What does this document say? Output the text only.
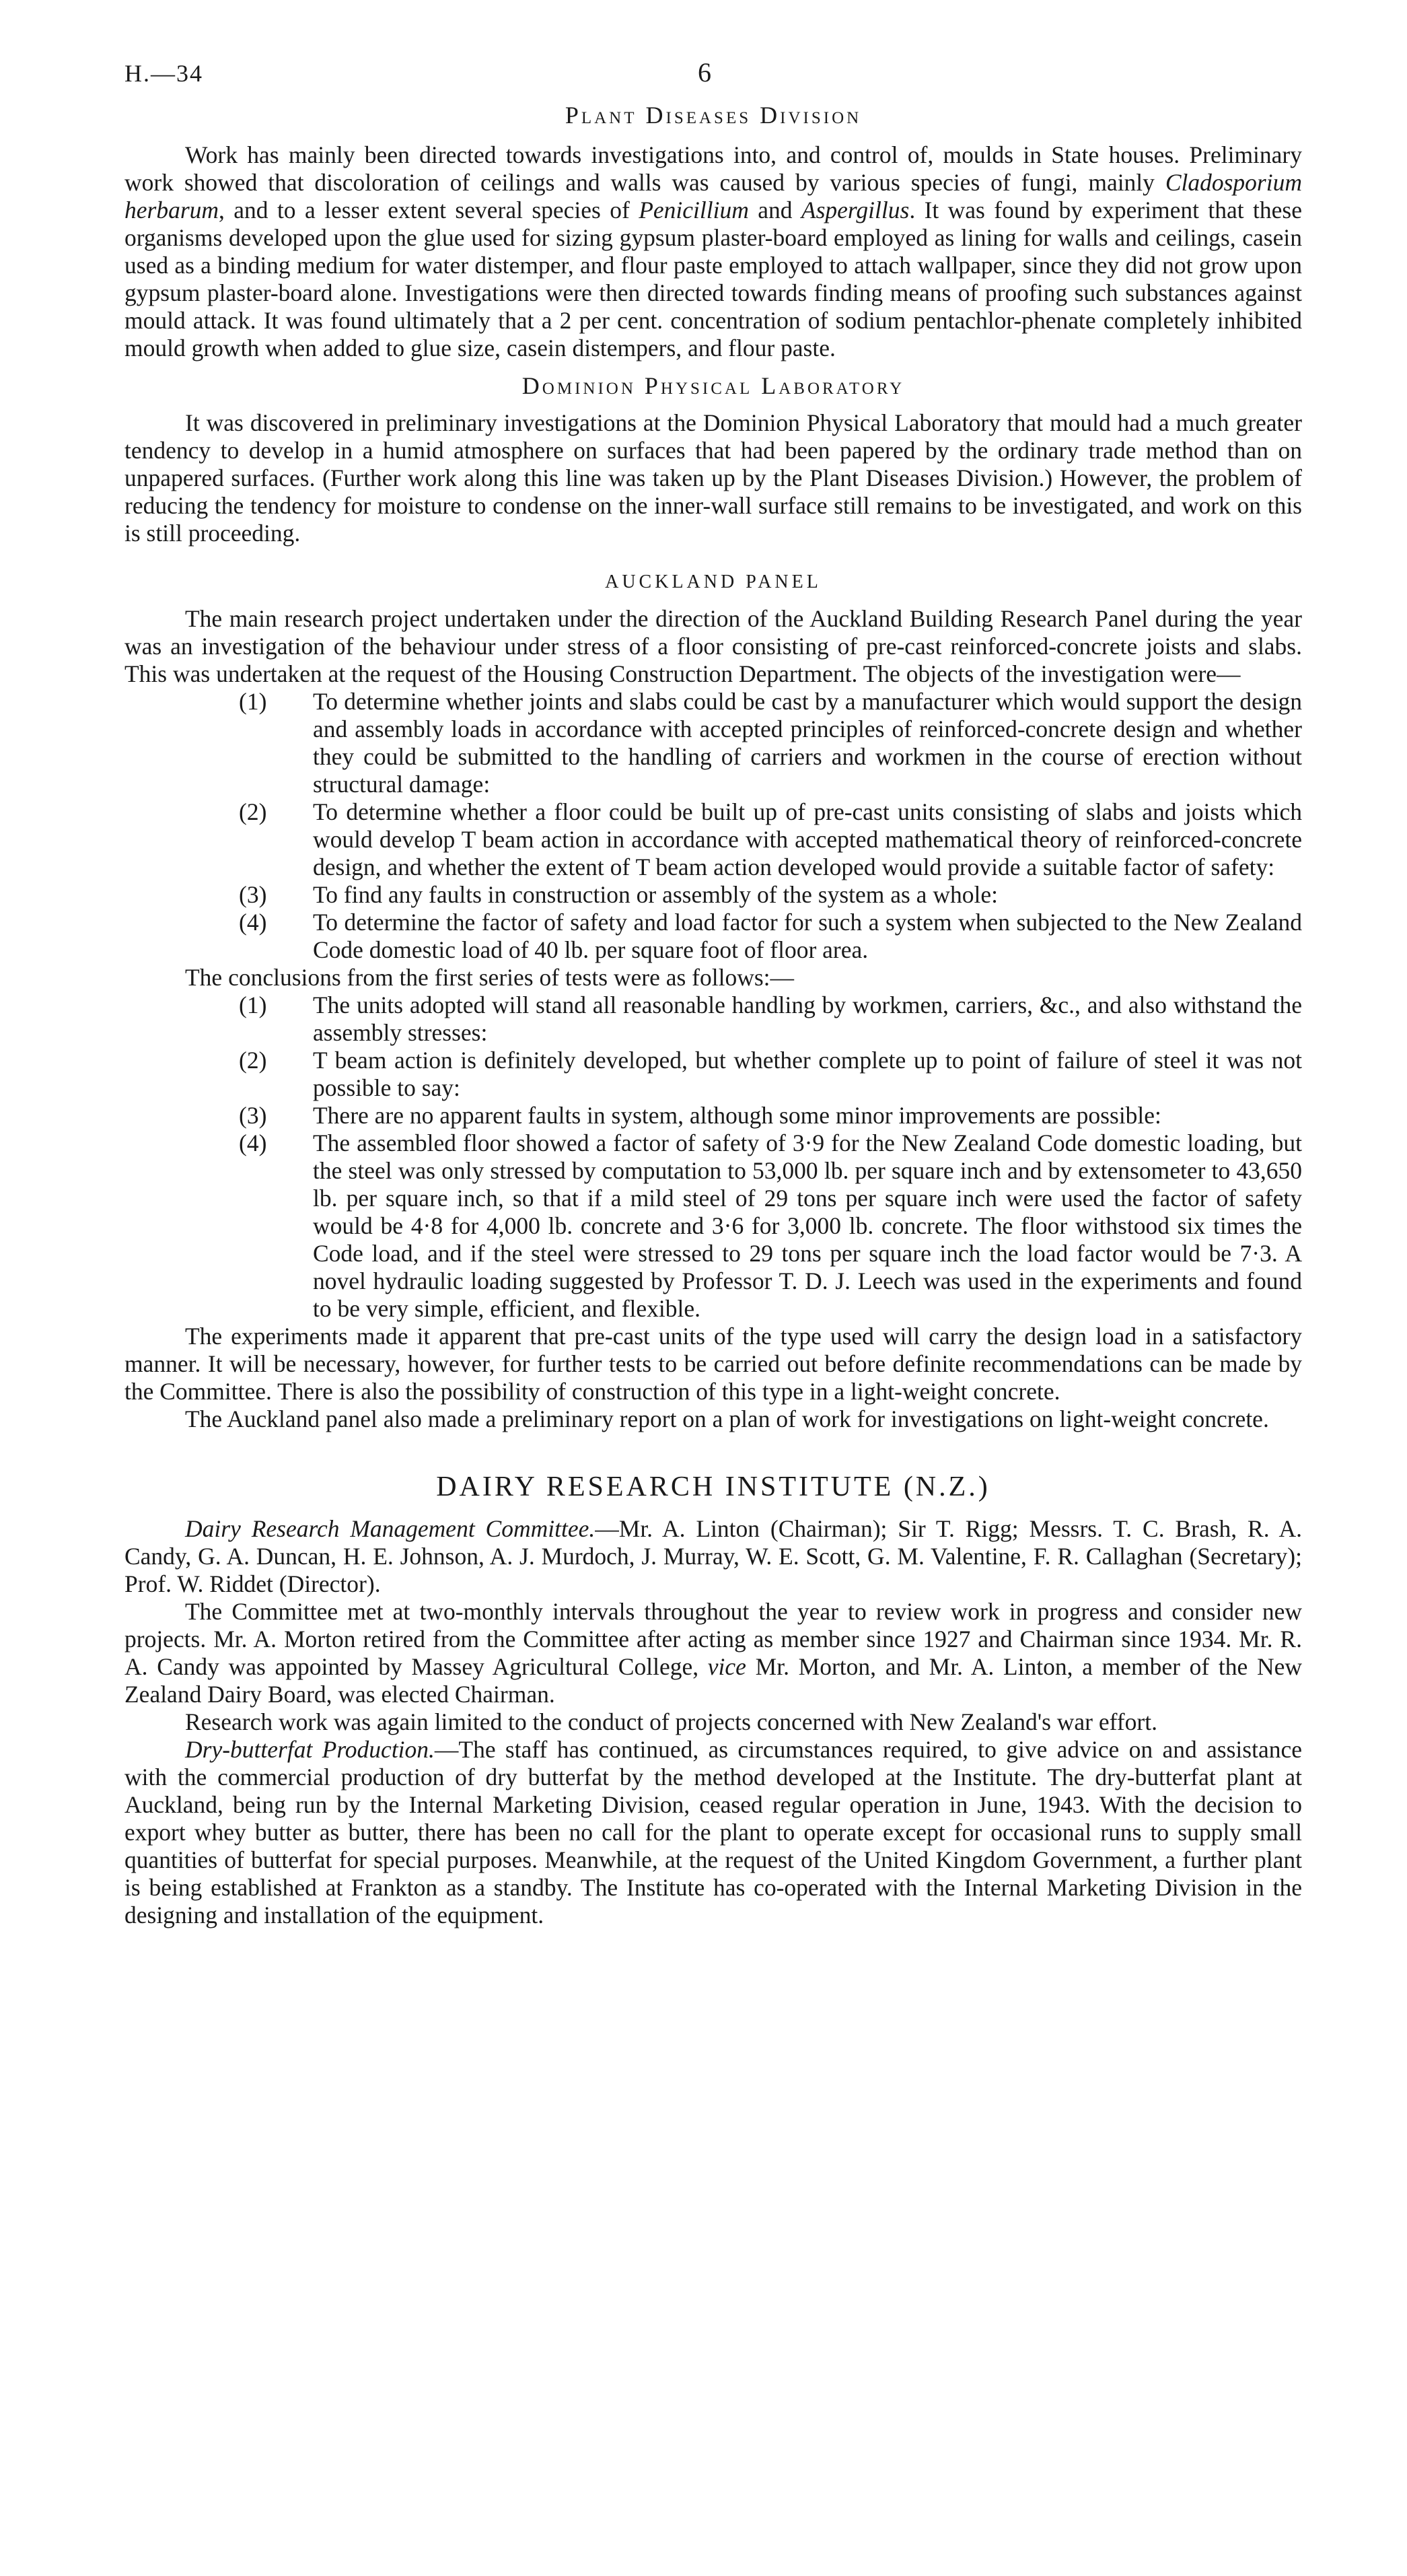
H.—34	6
Plant Diseases Division

Work has mainly been directed towards investigations into, and control of, moulds in State houses. Preliminary work showed that discoloration of ceilings and walls was caused by various species of fungi, mainly Cladosporium herbarum, and to a lesser extent several species of Penicillium and Aspergillus. It was found by experiment that these organisms developed upon the glue used for sizing gypsum plaster-board employed as lining for walls and ceilings, casein used as a binding medium for water distemper, and flour paste employed to attach wallpaper, since they did not grow upon gypsum plaster-board alone. Investigations were then directed towards finding means of proofing such substances against mould attack. It was found ultimately that a 2 per cent. concentration of sodium pentachlor-phenate completely inhibited mould growth when added to glue size, casein distempers, and flour paste.

Dominion Physical Laboratory

It was discovered in preliminary investigations at the Dominion Physical Laboratory that mould had a much greater tendency to develop in a humid atmosphere on surfaces that had been papered by the ordinary trade method than on unpapered surfaces. (Further work along this line was taken up by the Plant Diseases Division.) However, the problem of reducing the tendency for moisture to condense on the inner-wall surface still remains to be investigated, and work on this is still proceeding.

AUCKLAND PANEL

The main research project undertaken under the direction of the Auckland Building Research Panel during the year was an investigation of the behaviour under stress of a floor consisting of pre-cast reinforced-concrete joists and slabs. This was undertaken at the request of the Housing Construction Department. The objects of the investigation were—

(1) To determine whether joints and slabs could be cast by a manufacturer which would support the design and assembly loads in accordance with accepted principles of reinforced-concrete design and whether they could be submitted to the handling of carriers and workmen in the course of erection without structural damage:
(2) To determine whether a floor could be built up of pre-cast units consisting of slabs and joists which would develop T beam action in accordance with accepted mathematical theory of reinforced-concrete design, and whether the extent of T beam action developed would provide a suitable factor of safety:
(3) To find any faults in construction or assembly of the system as a whole:
(4) To determine the factor of safety and load factor for such a system when subjected to the New Zealand Code domestic load of 40 lb. per square foot of floor area.

The conclusions from the first series of tests were as follows:—

(1) The units adopted will stand all reasonable handling by workmen, carriers, &c., and also withstand the assembly stresses:
(2) T beam action is definitely developed, but whether complete up to point of failure of steel it was not possible to say:
(3) There are no apparent faults in system, although some minor improvements are possible:
(4) The assembled floor showed a factor of safety of 3·9 for the New Zealand Code domestic loading, but the steel was only stressed by computation to 53,000 lb. per square inch and by extensometer to 43,650 lb. per square inch, so that if a mild steel of 29 tons per square inch were used the factor of safety would be 4·8 for 4,000 lb. concrete and 3·6 for 3,000 lb. concrete. The floor withstood six times the Code load, and if the steel were stressed to 29 tons per square inch the load factor would be 7·3. A novel hydraulic loading suggested by Professor T. D. J. Leech was used in the experiments and found to be very simple, efficient, and flexible.

The experiments made it apparent that pre-cast units of the type used will carry the design load in a satisfactory manner. It will be necessary, however, for further tests to be carried out before definite recommendations can be made by the Committee. There is also the possibility of construction of this type in a light-weight concrete.

The Auckland panel also made a preliminary report on a plan of work for investigations on light-weight concrete.

DAIRY RESEARCH INSTITUTE (N.Z.)

Dairy Research Management Committee.—Mr. A. Linton (Chairman); Sir T. Rigg; Messrs. T. C. Brash, R. A. Candy, G. A. Duncan, H. E. Johnson, A. J. Murdoch, J. Murray, W. E. Scott, G. M. Valentine, F. R. Callaghan (Secretary); Prof. W. Riddet (Director).

The Committee met at two-monthly intervals throughout the year to review work in progress and consider new projects. Mr. A. Morton retired from the Committee after acting as member since 1927 and Chairman since 1934. Mr. R. A. Candy was appointed by Massey Agricultural College, vice Mr. Morton, and Mr. A. Linton, a member of the New Zealand Dairy Board, was elected Chairman.

Research work was again limited to the conduct of projects concerned with New Zealand's war effort.

Dry-butterfat Production.—The staff has continued, as circumstances required, to give advice on and assistance with the commercial production of dry butterfat by the method developed at the Institute. The dry-butterfat plant at Auckland, being run by the Internal Marketing Division, ceased regular operation in June, 1943. With the decision to export whey butter as butter, there has been no call for the plant to operate except for occasional runs to supply small quantities of butterfat for special purposes. Meanwhile, at the request of the United Kingdom Government, a further plant is being established at Frankton as a standby. The Institute has co-operated with the Internal Marketing Division in the designing and installation of the equipment.
